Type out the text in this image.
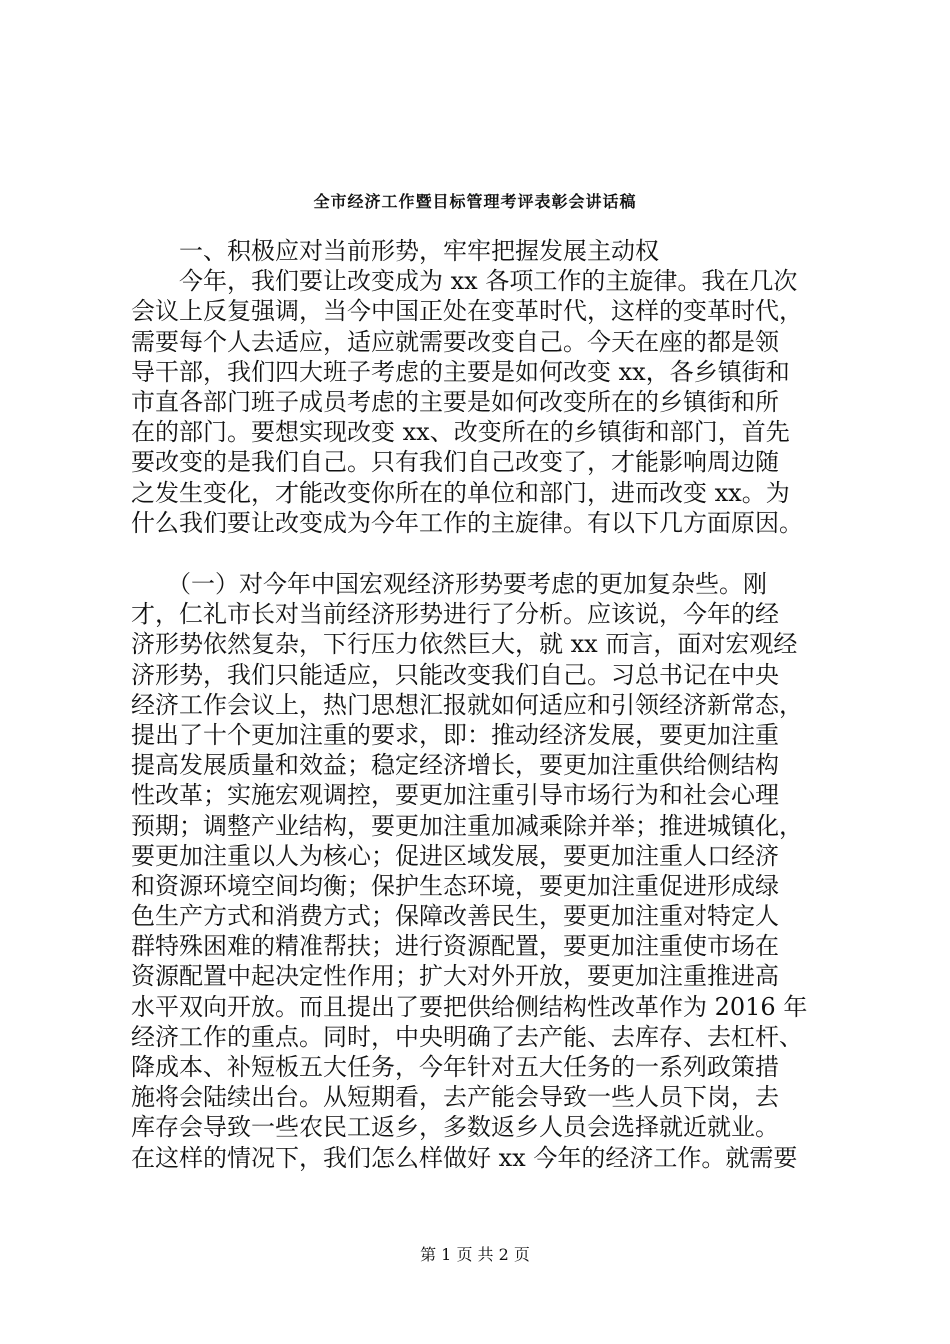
全市经济工作暨目标管理考评表彰会讲话稿
一、积极应对当前形势，牢牢把握发展主动权
今年，我们要让改变成为 xx 各项工作的主旋律。我在几次
会议上反复强调，当今中国正处在变革时代，这样的变革时代，
需要每个人去适应，适应就需要改变自己。今天在座的都是领
导干部，我们四大班子考虑的主要是如何改变 xx，各乡镇街和
市直各部门班子成员考虑的主要是如何改变所在的乡镇街和所
在的部门。要想实现改变 xx、改变所在的乡镇街和部门，首先
要改变的是我们自己。只有我们自己改变了，才能影响周边随
之发生变化，才能改变你所在的单位和部门，进而改变 xx。为
什么我们要让改变成为今年工作的主旋律。有以下几方面原因。
（一）对今年中国宏观经济形势要考虑的更加复杂些。刚
才，仁礼市长对当前经济形势进行了分析。应该说，今年的经
济形势依然复杂，下行压力依然巨大，就 xx 而言，面对宏观经
济形势，我们只能适应，只能改变我们自己。习总书记在中央
经济工作会议上，热门思想汇报就如何适应和引领经济新常态，
提出了十个更加注重的要求，即：推动经济发展，要更加注重
提高发展质量和效益；稳定经济增长，要更加注重供给侧结构
性改革；实施宏观调控，要更加注重引导市场行为和社会心理
预期；调整产业结构，要更加注重加减乘除并举；推进城镇化，
要更加注重以人为核心；促进区域发展，要更加注重人口经济
和资源环境空间均衡；保护生态环境，要更加注重促进形成绿
色生产方式和消费方式；保障改善民生，要更加注重对特定人
群特殊困难的精准帮扶；进行资源配置，要更加注重使市场在
资源配置中起决定性作用；扩大对外开放，要更加注重推进高
水平双向开放。而且提出了要把供给侧结构性改革作为 2016 年
经济工作的重点。同时，中央明确了去产能、去库存、去杠杆、
降成本、补短板五大任务，今年针对五大任务的一系列政策措
施将会陆续出台。从短期看，去产能会导致一些人员下岗，去
库存会导致一些农民工返乡，多数返乡人员会选择就近就业。
在这样的情况下，我们怎么样做好 xx 今年的经济工作。就需要
第 1 页 共 2 页
